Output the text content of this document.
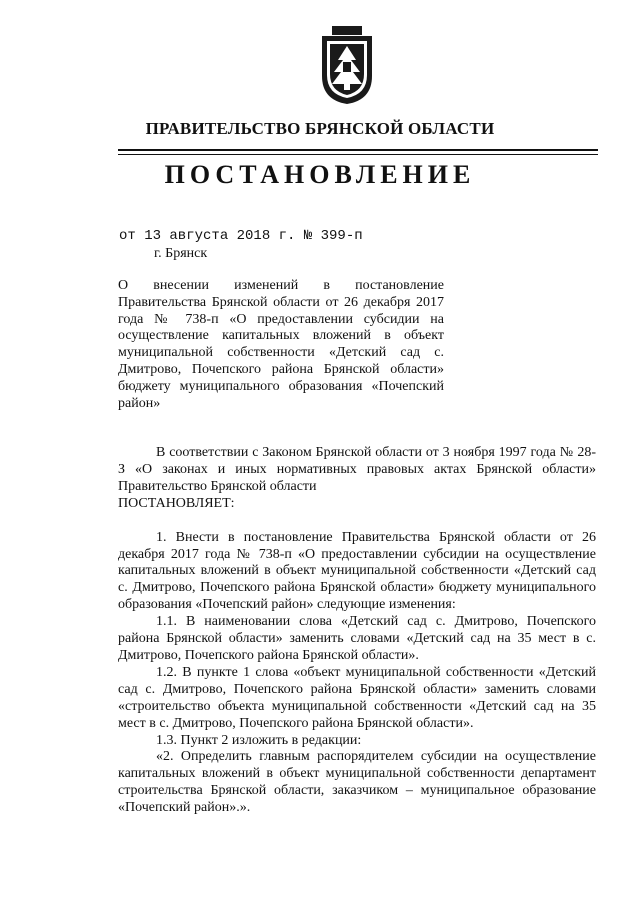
ПРАВИТЕЛЬСТВО БРЯНСКОЙ ОБЛАСТИ
ПОСТАНОВЛЕНИЕ
от 13 августа 2018 г. № 399-п
г. Брянск
О внесении изменений в постановление Правительства Брянской области от 26 декабря 2017 года № 738-п «О предоставлении субсидии на осуществление капитальных вложений в объект муниципальной собственности «Детский сад с. Дмитрово, Почепского района Брянской области» бюджету муниципального образования «Почепский район»

В соответствии с Законом Брянской области от 3 ноября 1997 года № 28-З «О законах и иных нормативных правовых актах Брянской области» Правительство Брянской области

ПОСТАНОВЛЯЕТ:

1. Внести в постановление Правительства Брянской области от 26 декабря 2017 года № 738-п «О предоставлении субсидии на осуществление капитальных вложений в объект муниципальной собственности «Детский сад с. Дмитрово, Почепского района Брянской области» бюджету муниципального образования «Почепский район» следующие изменения:

1.1. В наименовании слова «Детский сад с. Дмитрово, Почепского района Брянской области» заменить словами «Детский сад на 35 мест в с. Дмитрово, Почепского района Брянской области».

1.2. В пункте 1 слова «объект муниципальной собственности «Детский сад с. Дмитрово, Почепского района Брянской области» заменить словами «строительство объекта муниципальной собственности «Детский сад на 35 мест в с. Дмитрово, Почепского района Брянской области».

1.3. Пункт 2 изложить в редакции:

«2. Определить главным распорядителем субсидии на осуществление капитальных вложений в объект муниципальной собственности департамент строительства Брянской области, заказчиком – муниципальное образование «Почепский район».».
